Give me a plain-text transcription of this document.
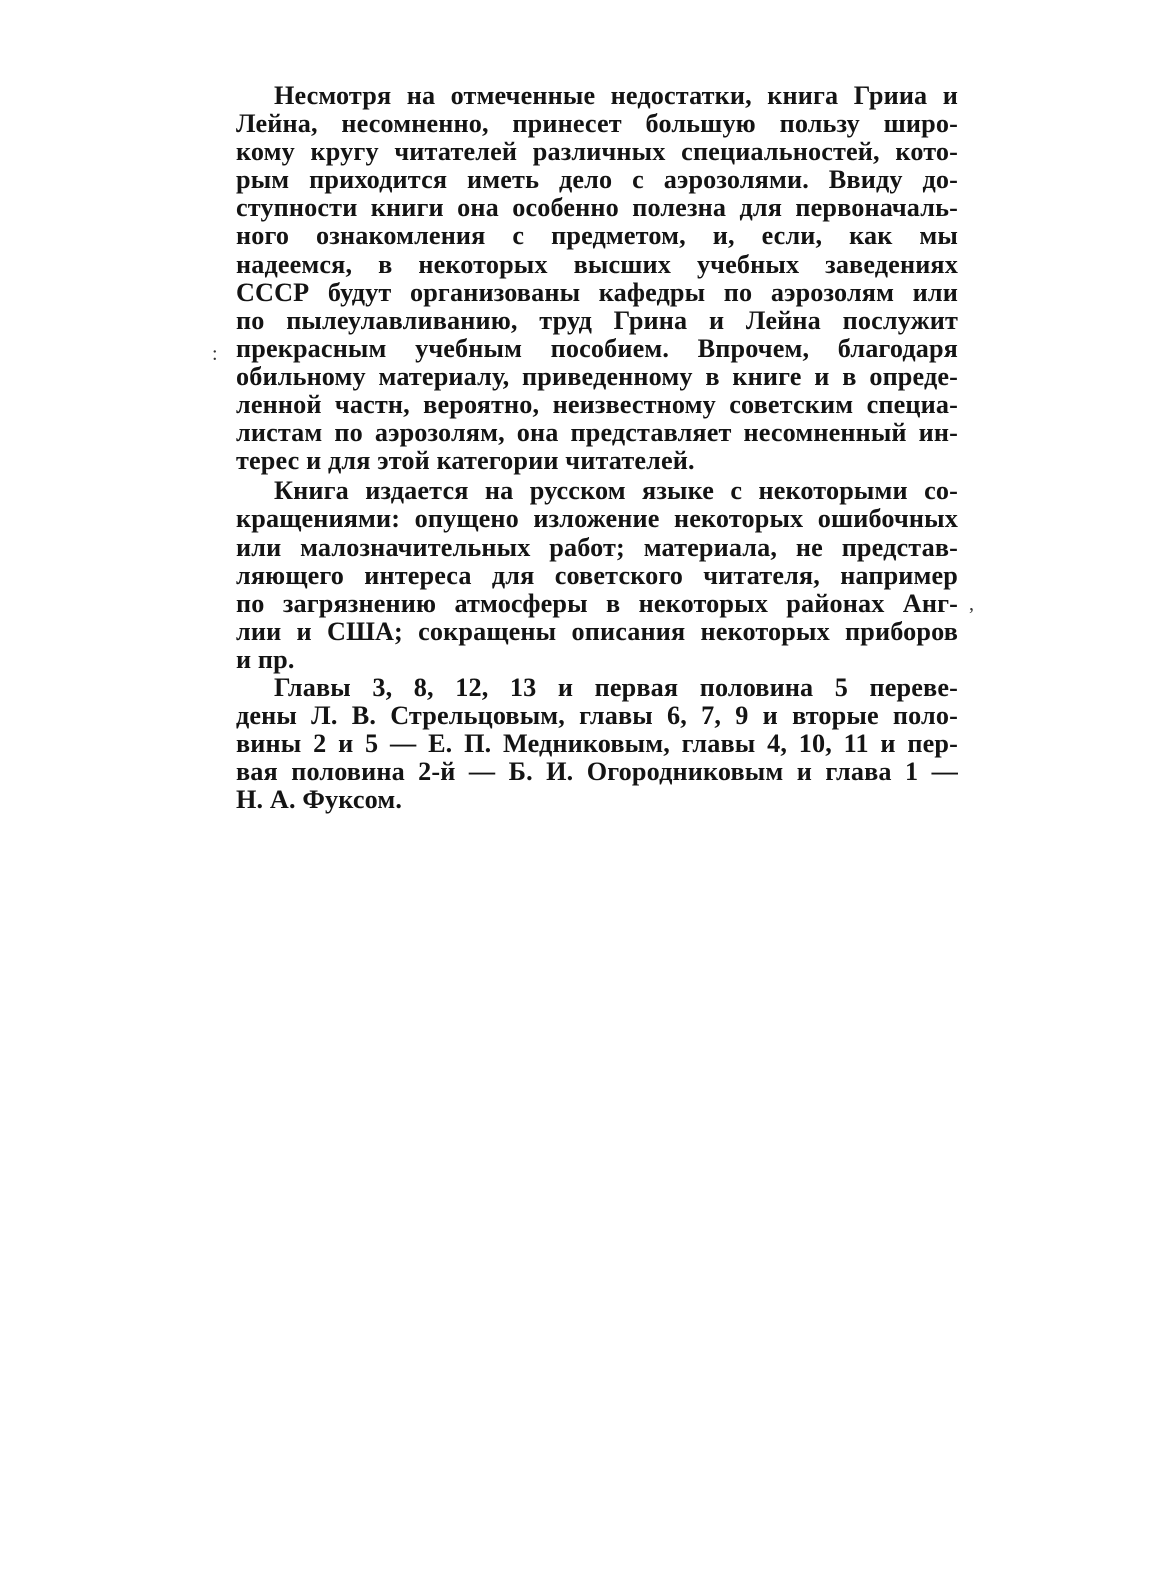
Несмотря на отмеченные недостатки, книга Грииа и
Лейна, несомненно, принесет большую пользу широ-
кому кругу читателей различных специальностей, кото-
рым приходится иметь дело с аэрозолями. Ввиду до-
ступности книги она особенно полезна для первоначаль-
ного ознакомления с предметом, и, если, как мы
надеемся, в некоторых высших учебных заведениях
СССР будут организованы кафедры по аэрозолям или
по пылеулавливанию, труд Грина и Лейна послужит
прекрасным учебным пособием. Впрочем, благодаря
обильному материалу, приведенному в книге и в опреде-
ленной частн, вероятно, неизвестному советским специа-
листам по аэрозолям, она представляет несомненный ин-
терес и для этой категории читателей.
Книга издается на русском языке с некоторыми со-
кращениями: опущено изложение некоторых ошибочных
или малозначительных работ; материала, не представ-
ляющего интереса для советского читателя, например
по загрязнению атмосферы в некоторых районах Анг-
лии и США; сокращены описания некоторых приборов
и пр.
Главы 3, 8, 12, 13 и первая половина 5 переве-
дены Л. В. Стрельцовым, главы 6, 7, 9 и вторые поло-
вины 2 и 5 — Е. П. Медниковым, главы 4, 10, 11 и пер-
вая половина 2-й — Б. И. Огородниковым и глава 1 —
Н. А. Фуксом.
:
,
